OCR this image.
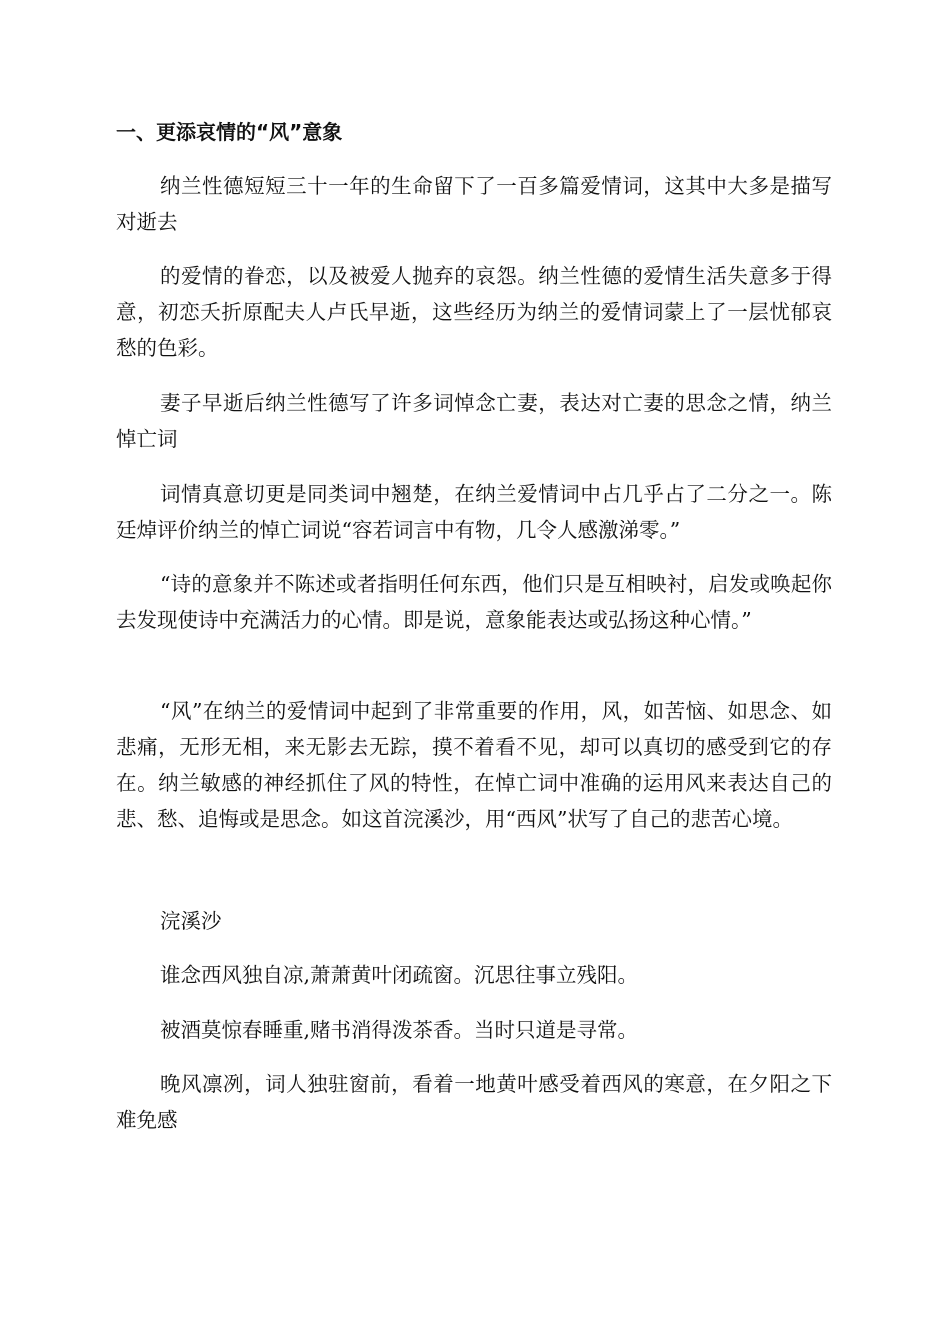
一、更添哀情的“风”意象

纳兰性德短短三十一年的生命留下了一百多篇爱情词，这其中大多是描写对逝去

的爱情的眷恋，以及被爱人抛弃的哀怨。纳兰性德的爱情生活失意多于得意，初恋夭折原配夫人卢氏早逝，这些经历为纳兰的爱情词蒙上了一层忧郁哀愁的色彩。

妻子早逝后纳兰性德写了许多词悼念亡妻，表达对亡妻的思念之情，纳兰悼亡词

词情真意切更是同类词中翘楚，在纳兰爱情词中占几乎占了二分之一。陈廷焯评价纳兰的悼亡词说“容若词言中有物，几令人感激涕零。”

“诗的意象并不陈述或者指明任何东西，他们只是互相映衬，启发或唤起你去发现使诗中充满活力的心情。即是说，意象能表达或弘扬这种心情。”

“风”在纳兰的爱情词中起到了非常重要的作用，风，如苦恼、如思念、如悲痛，无形无相，来无影去无踪，摸不着看不见，却可以真切的感受到它的存在。纳兰敏感的神经抓住了风的特性，在悼亡词中准确的运用风来表达自己的悲、愁、追悔或是思念。如这首浣溪沙，用“西风”状写了自己的悲苦心境。

浣溪沙

谁念西风独自凉,萧萧黄叶闭疏窗。沉思往事立残阳。

被酒莫惊春睡重,赌书消得泼茶香。当时只道是寻常。

晚风凛冽，词人独驻窗前，看着一地黄叶感受着西风的寒意，在夕阳之下难免感
